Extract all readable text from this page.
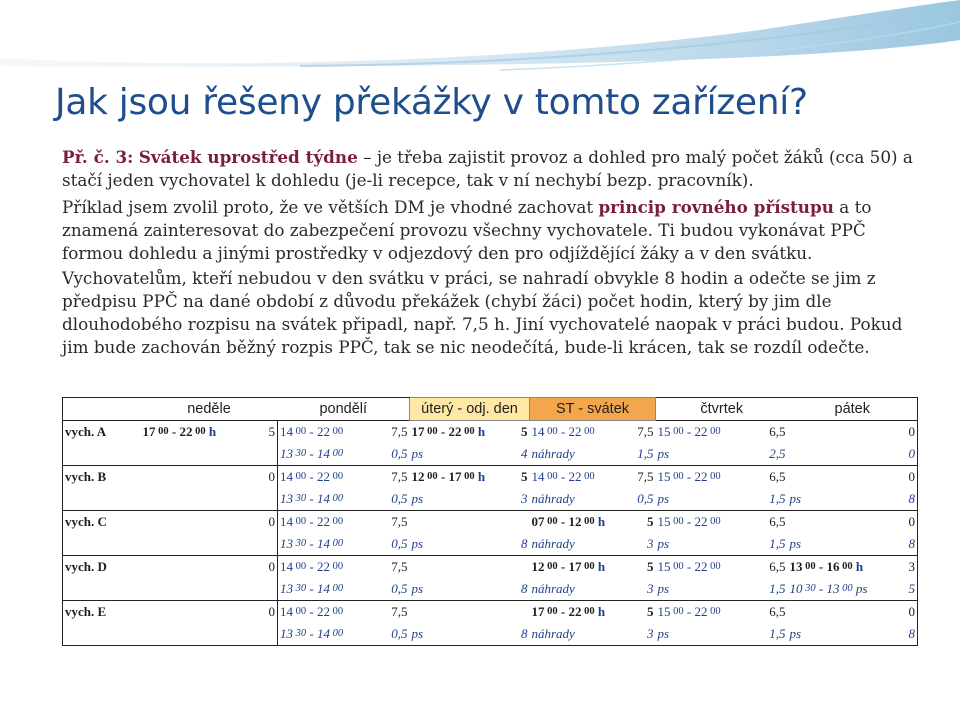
Jak jsou řešeny překážky v tomto zařízení?

Př. č. 3: Svátek uprostřed týdne – je třeba zajistit provoz a dohled pro malý počet žáků (cca 50) a stačí jeden vychovatel k dohledu (je-li recepce, tak v ní nechybí bezp. pracovník).

Příklad jsem zvolil proto, že ve větších DM je vhodné zachovat princip rovného přístupu a to znamená zainteresovat do zabezpečení provozu všechny vychovatele. Ti budou vykonávat PPČ formou dohledu a jinými prostředky v odjezdový den pro odjíždějící žáky a v den svátku.

Vychovatelům, kteří nebudou v den svátku v práci, se nahradí obvykle 8 hodin a odečte se jim z předpisu PPČ na dané období z důvodu překážek (chybí žáci) počet hodin, který by jim dle dlouhodobého rozpisu na svátek připadl, např. 7,5 h. Jiní vychovatelé naopak v práci budou. Pokud jim bude zachován běžný rozpis PPČ, tak se nic neodečítá, bude-li krácen, tak se rozdíl odečte.

	neděle		pondělí		úterý - odj. den		ST - svátek		čtvrtek		pátek	
vych. A	17 00 - 22 00 h	5	14 00 - 22 00	7,5	17 00 - 22 00 h	5	14 00 - 22 00	7,5	15 00 - 22 00	6,5		0
			13 30 - 14 00	0,5	ps	4	náhrady	1,5	ps	2,5		0
vych. B		0	14 00 - 22 00	7,5	12 00 - 17 00 h	5	14 00 - 22 00	7,5	15 00 - 22 00	6,5		0
			13 30 - 14 00	0,5	ps	3	náhrady	0,5	ps	1,5	ps	8
vych. C		0	14 00 - 22 00	7,5			07 00 - 12 00 h	5	15 00 - 22 00	6,5		0
			13 30 - 14 00	0,5	ps	8	náhrady	3	ps	1,5	ps	8
vych. D		0	14 00 - 22 00	7,5			12 00 - 17 00 h	5	15 00 - 22 00	6,5	13 00 - 16 00 h	3
			13 30 - 14 00	0,5	ps	8	náhrady	3	ps	1,5	10 30 - 13 00 ps	5
vych. E		0	14 00 - 22 00	7,5			17 00 - 22 00 h	5	15 00 - 22 00	6,5		0
			13 30 - 14 00	0,5	ps	8	náhrady	3	ps	1,5	ps	8
